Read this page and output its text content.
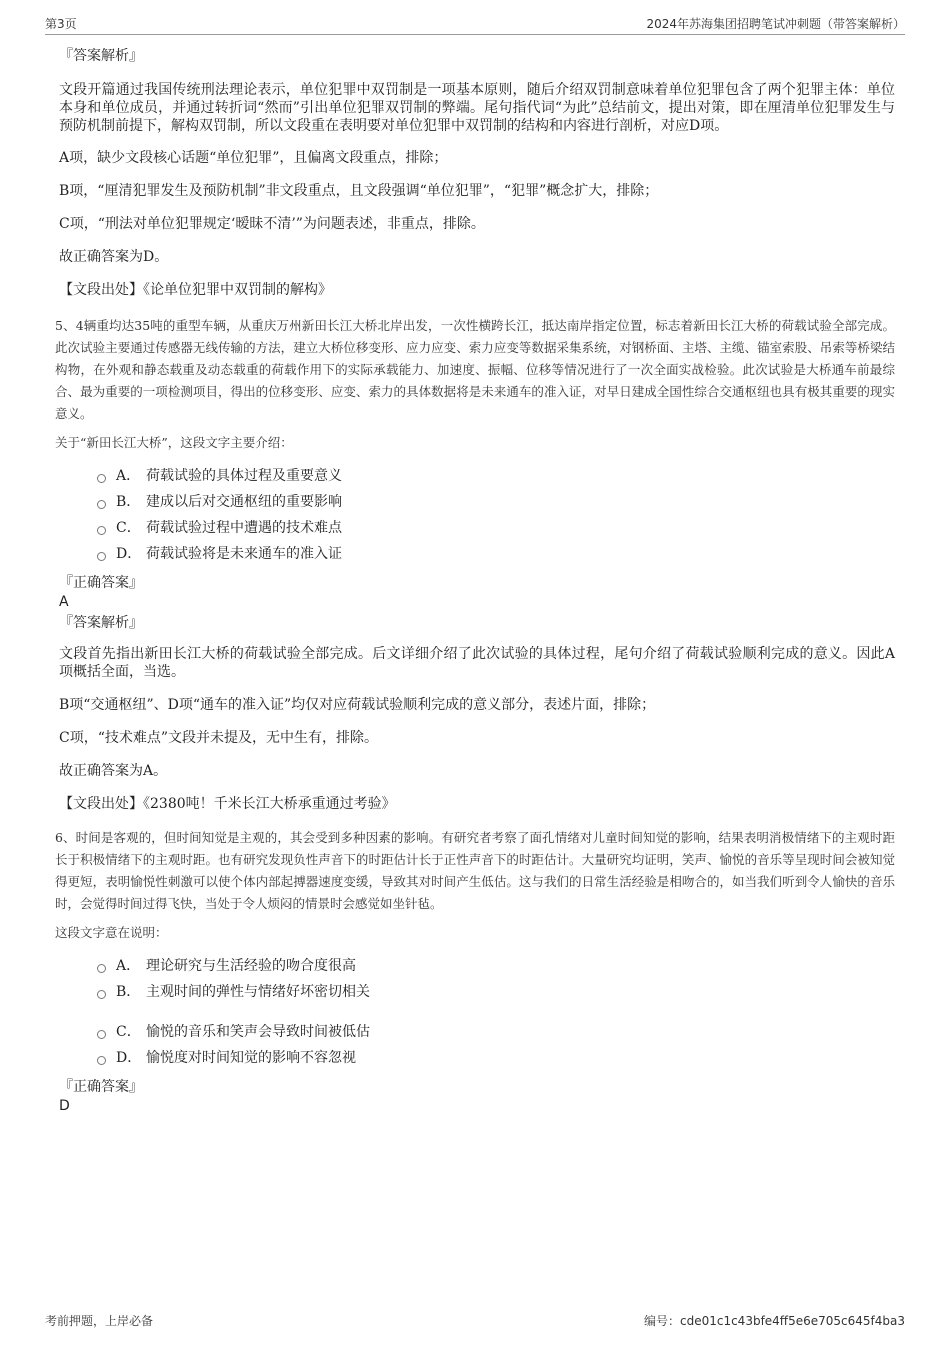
第3页	2024年苏海集团招聘笔试冲刺题（带答案解析）
『答案解析』
文段开篇通过我国传统刑法理论表示，单位犯罪中双罚制是一项基本原则，随后介绍双罚制意味着单位犯罪包含了两个犯罪主体：单位本身和单位成员，并通过转折词“然而”引出单位犯罪双罚制的弊端。尾句指代词“为此”总结前文，提出对策，即在厘清单位犯罪发生与预防机制前提下，解构双罚制，所以文段重在表明要对单位犯罪中双罚制的结构和内容进行剖析，对应D项。
A项，缺少文段核心话题“单位犯罪”，且偏离文段重点，排除；
B项，“厘清犯罪发生及预防机制”非文段重点，且文段强调“单位犯罪”，“犯罪”概念扩大，排除；
C项，“刑法对单位犯罪规定‘暧昧不清’”为问题表述，非重点，排除。
故正确答案为D。
【文段出处】《论单位犯罪中双罚制的解构》
5、4辆重均达35吨的重型车辆，从重庆万州新田长江大桥北岸出发，一次性横跨长江，抵达南岸指定位置，标志着新田长江大桥的荷载试验全部完成。此次试验主要通过传感器无线传输的方法，建立大桥位移变形、应力应变、索力应变等数据采集系统，对钢桥面、主塔、主缆、锚室索股、吊索等桥梁结构物，在外观和静态载重及动态载重的荷载作用下的实际承载能力、加速度、振幅、位移等情况进行了一次全面实战检验。此次试验是大桥通车前最综合、最为重要的一项检测项目，得出的位移变形、应变、索力的具体数据将是未来通车的准入证，对早日建成全国性综合交通枢纽也具有极其重要的现实意义。
关于“新田长江大桥”，这段文字主要介绍：
A． 荷载试验的具体过程及重要意义
B． 建成以后对交通枢纽的重要影响
C． 荷载试验过程中遭遇的技术难点
D． 荷载试验将是未来通车的准入证
『正确答案』
A
『答案解析』
文段首先指出新田长江大桥的荷载试验全部完成。后文详细介绍了此次试验的具体过程，尾句介绍了荷载试验顺利完成的意义。因此A项概括全面，当选。
B项“交通枢纽”、D项“通车的准入证”均仅对应荷载试验顺利完成的意义部分，表述片面，排除；
C项，“技术难点”文段并未提及，无中生有，排除。
故正确答案为A。
【文段出处】《2380吨！千米长江大桥承重通过考验》
6、时间是客观的，但时间知觉是主观的，其会受到多种因素的影响。有研究者考察了面孔情绪对儿童时间知觉的影响，结果表明消极情绪下的主观时距长于积极情绪下的主观时距。也有研究发现负性声音下的时距估计长于正性声音下的时距估计。大量研究均证明，笑声、愉悦的音乐等呈现时间会被知觉得更短，表明愉悦性刺激可以使个体内部起搏器速度变缓，导致其对时间产生低估。这与我们的日常生活经验是相吻合的，如当我们听到令人愉快的音乐时，会觉得时间过得飞快，当处于令人烦闷的情景时会感觉如坐针毡。
这段文字意在说明：
A． 理论研究与生活经验的吻合度很高
B． 主观时间的弹性与情绪好坏密切相关
C． 愉悦的音乐和笑声会导致时间被低估
D． 愉悦度对时间知觉的影响不容忽视
『正确答案』
D
考前押题，上岸必备	编号：cde01c1c43bfe4ff5e6e705c645f4ba3
